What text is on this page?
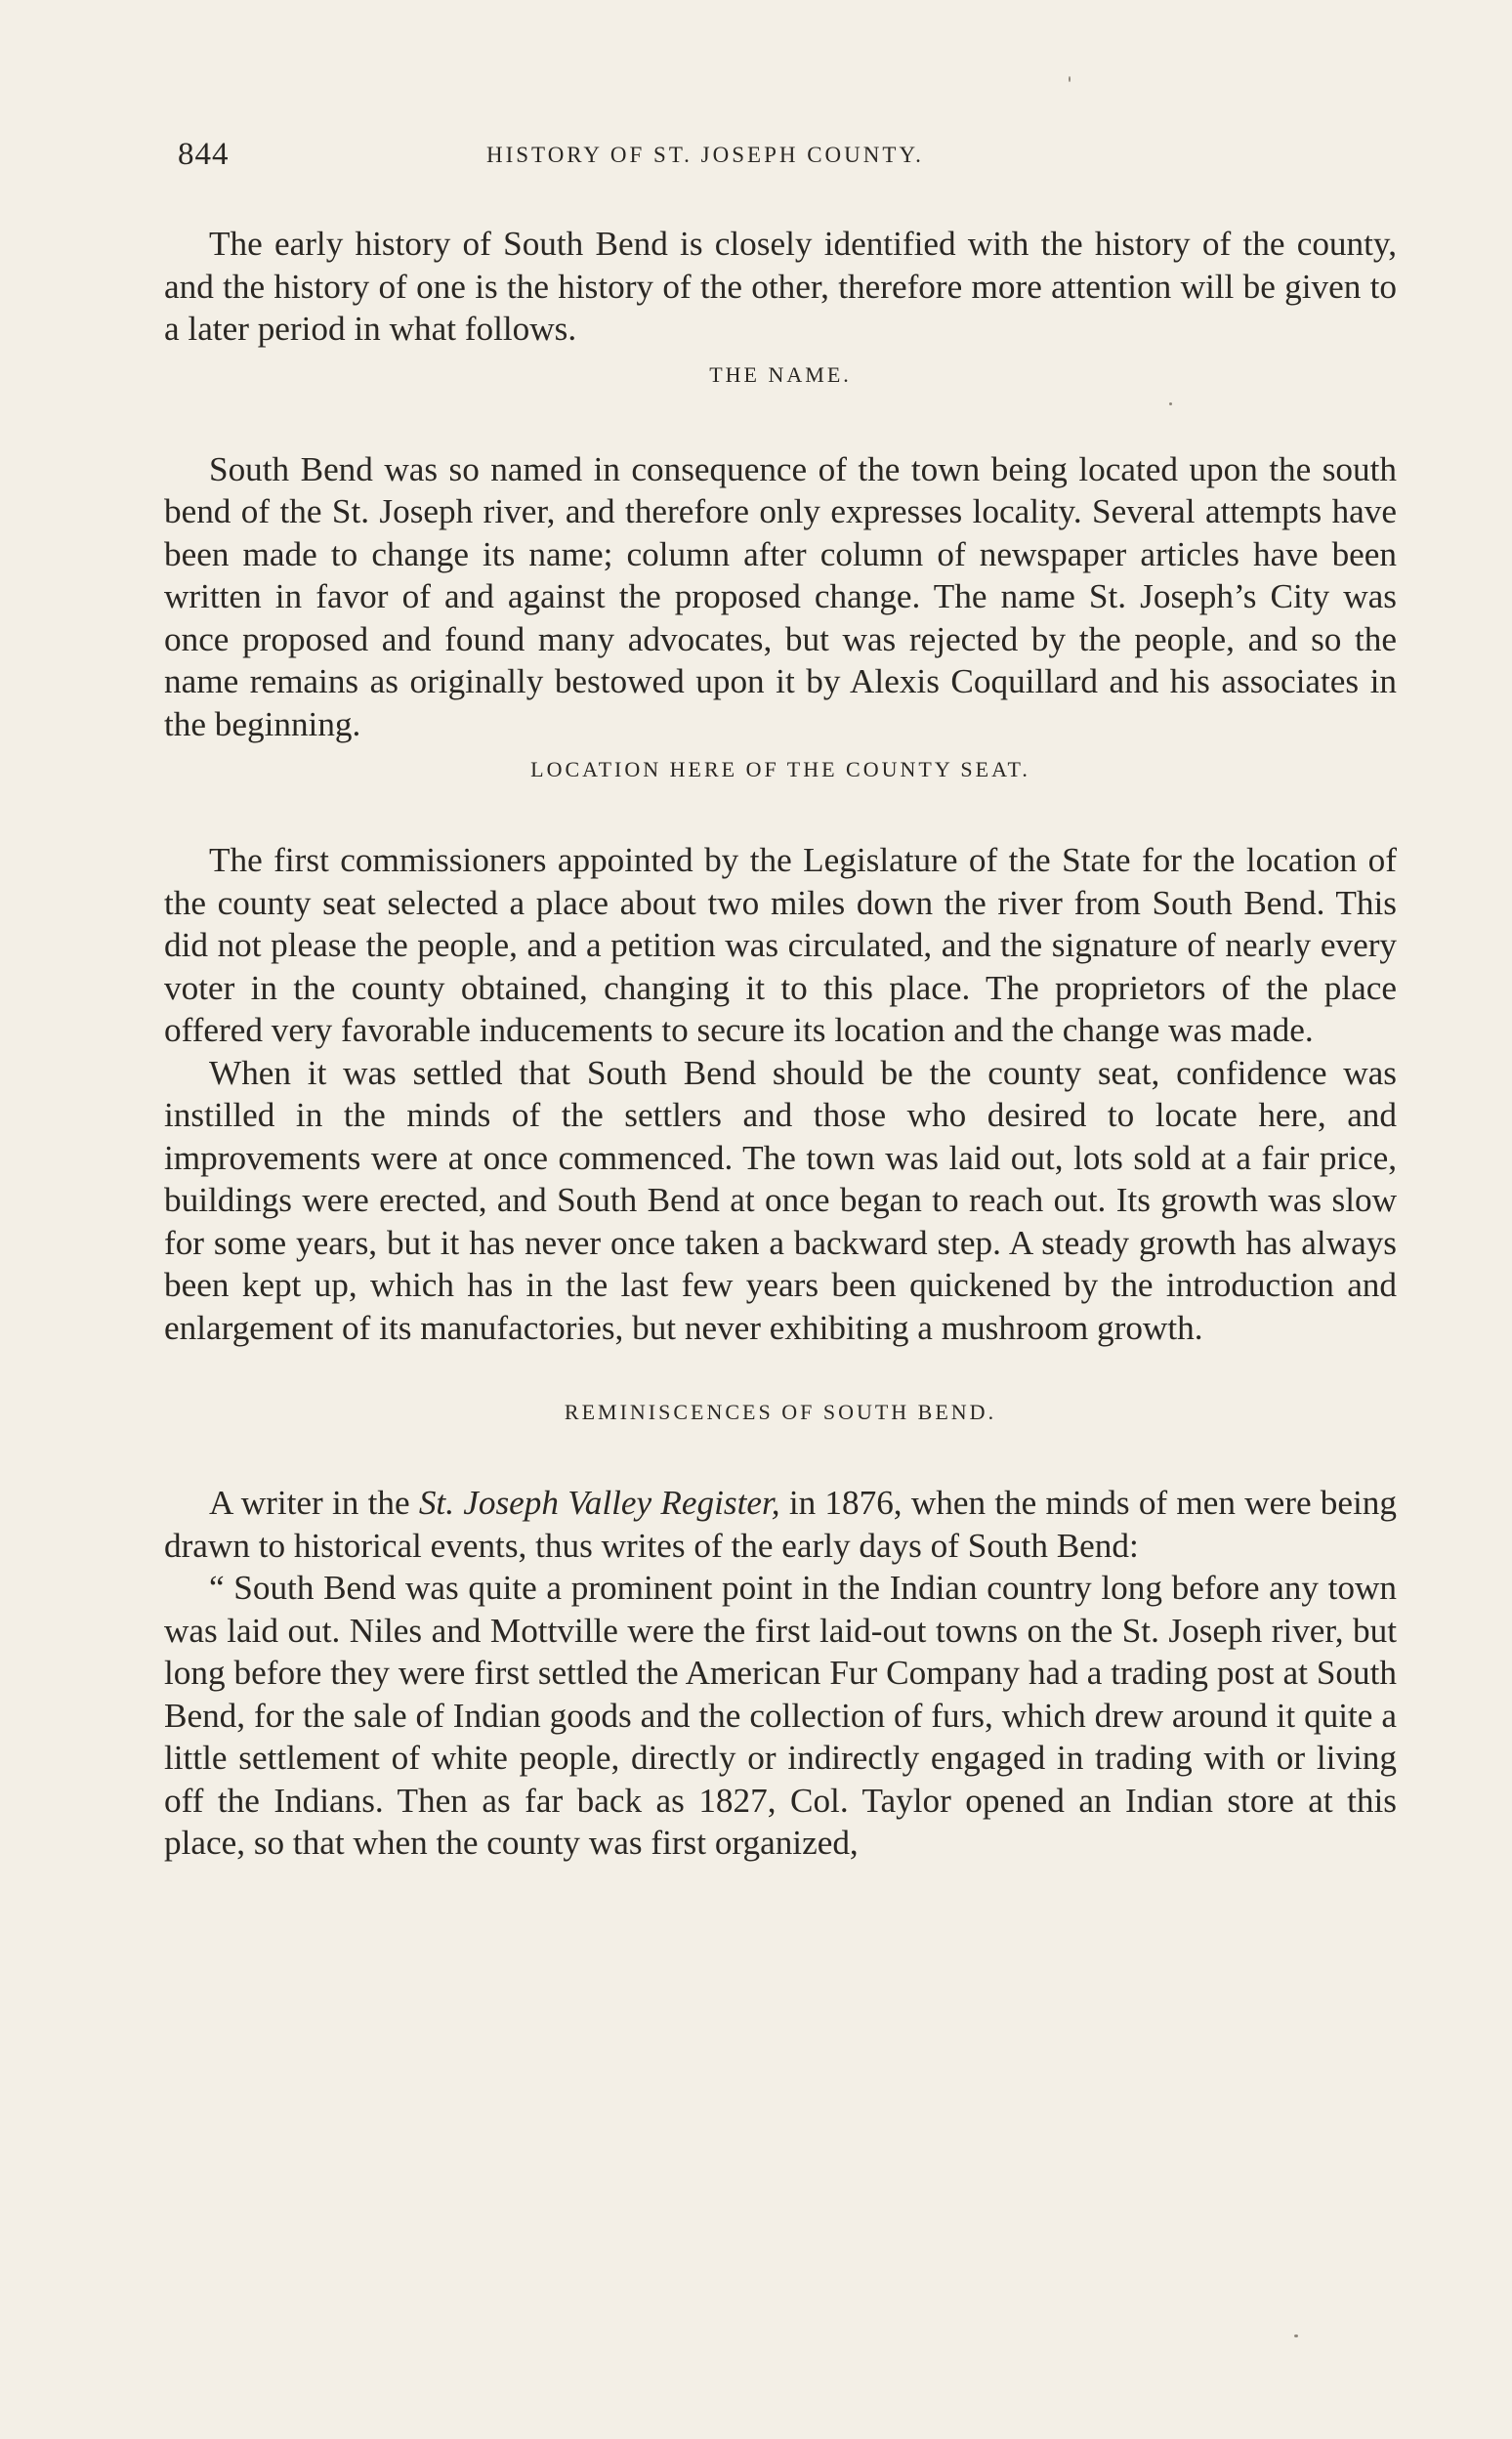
844	HISTORY OF ST. JOSEPH COUNTY.

The early history of South Bend is closely identified with the history of the county, and the history of one is the history of the other, therefore more attention will be given to a later period in what follows.

THE NAME.

South Bend was so named in consequence of the town being located upon the south bend of the St. Joseph river, and therefore only expresses locality. Several attempts have been made to change its name; column after column of newspaper articles have been written in favor of and against the proposed change. The name St. Joseph’s City was once proposed and found many advocates, but was rejected by the people, and so the name remains as originally bestowed upon it by Alexis Coquillard and his associates in the beginning.

LOCATION HERE OF THE COUNTY SEAT.

The first commissioners appointed by the Legislature of the State for the location of the county seat selected a place about two miles down the river from South Bend. This did not please the people, and a petition was circulated, and the signature of nearly every voter in the county obtained, changing it to this place. The proprietors of the place offered very favorable inducements to secure its location and the change was made.

When it was settled that South Bend should be the county seat, confidence was instilled in the minds of the settlers and those who desired to locate here, and improvements were at once commenced. The town was laid out, lots sold at a fair price, buildings were erected, and South Bend at once began to reach out. Its growth was slow for some years, but it has never once taken a backward step. A steady growth has always been kept up, which has in the last few years been quickened by the introduction and enlargement of its manufactories, but never exhibiting a mushroom growth.

REMINISCENCES OF SOUTH BEND.

A writer in the St. Joseph Valley Register, in 1876, when the minds of men were being drawn to historical events, thus writes of the early days of South Bend:

“ South Bend was quite a prominent point in the Indian country long before any town was laid out. Niles and Mottville were the first laid-out towns on the St. Joseph river, but long before they were first settled the American Fur Company had a trading post at South Bend, for the sale of Indian goods and the collection of furs, which drew around it quite a little settlement of white people, directly or indirectly engaged in trading with or living off the Indians. Then as far back as 1827, Col. Taylor opened an Indian store at this place, so that when the county was first organized,
